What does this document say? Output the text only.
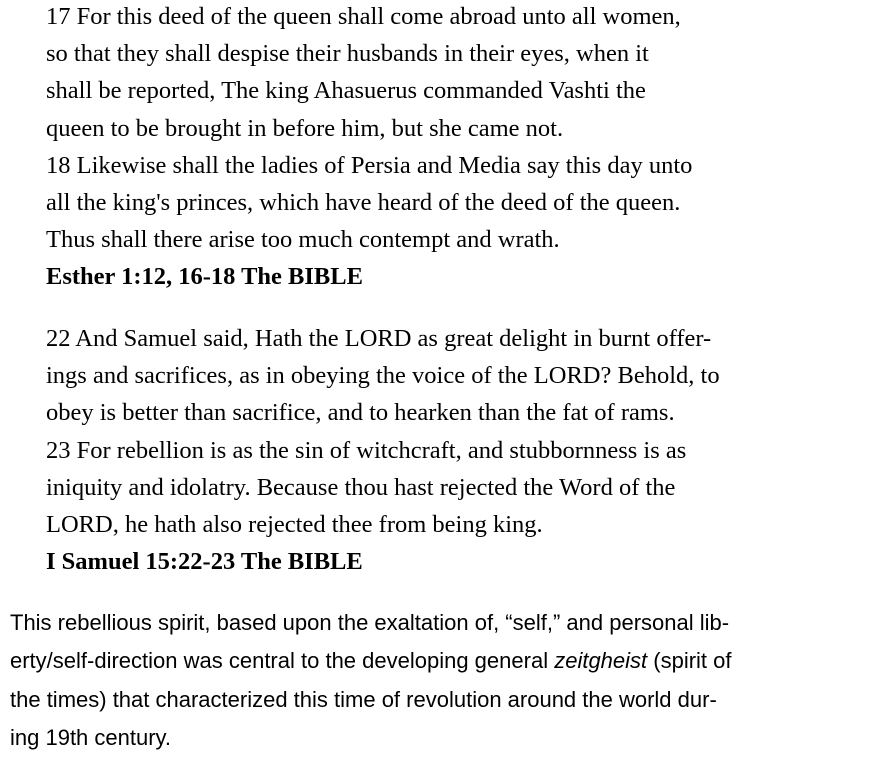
17 For this deed of the queen shall come abroad unto all women,
so that they shall despise their husbands in their eyes, when it
shall be reported, The king Ahasuerus commanded Vashti the
queen to be brought in before him, but she came not.
18 Likewise shall the ladies of Persia and Media say this day unto
all the king's princes, which have heard of the deed of the queen.
Thus shall there arise too much contempt and wrath.
Esther 1:12, 16-18 The BIBLE
22 And Samuel said, Hath the LORD as great delight in burnt offer-
ings and sacrifices, as in obeying the voice of the LORD? Behold, to
obey is better than sacrifice, and to hearken than the fat of rams.
23 For rebellion is as the sin of witchcraft, and stubbornness is as
iniquity and idolatry. Because thou hast rejected the Word of the
LORD, he hath also rejected thee from being king.
I Samuel 15:22-23 The BIBLE
This rebellious spirit, based upon the exaltation of, “self,” and personal lib-
erty/self-direction was central to the developing general zeitgheist (spirit of
the times) that characterized this time of revolution around the world dur-
ing 19th century.
